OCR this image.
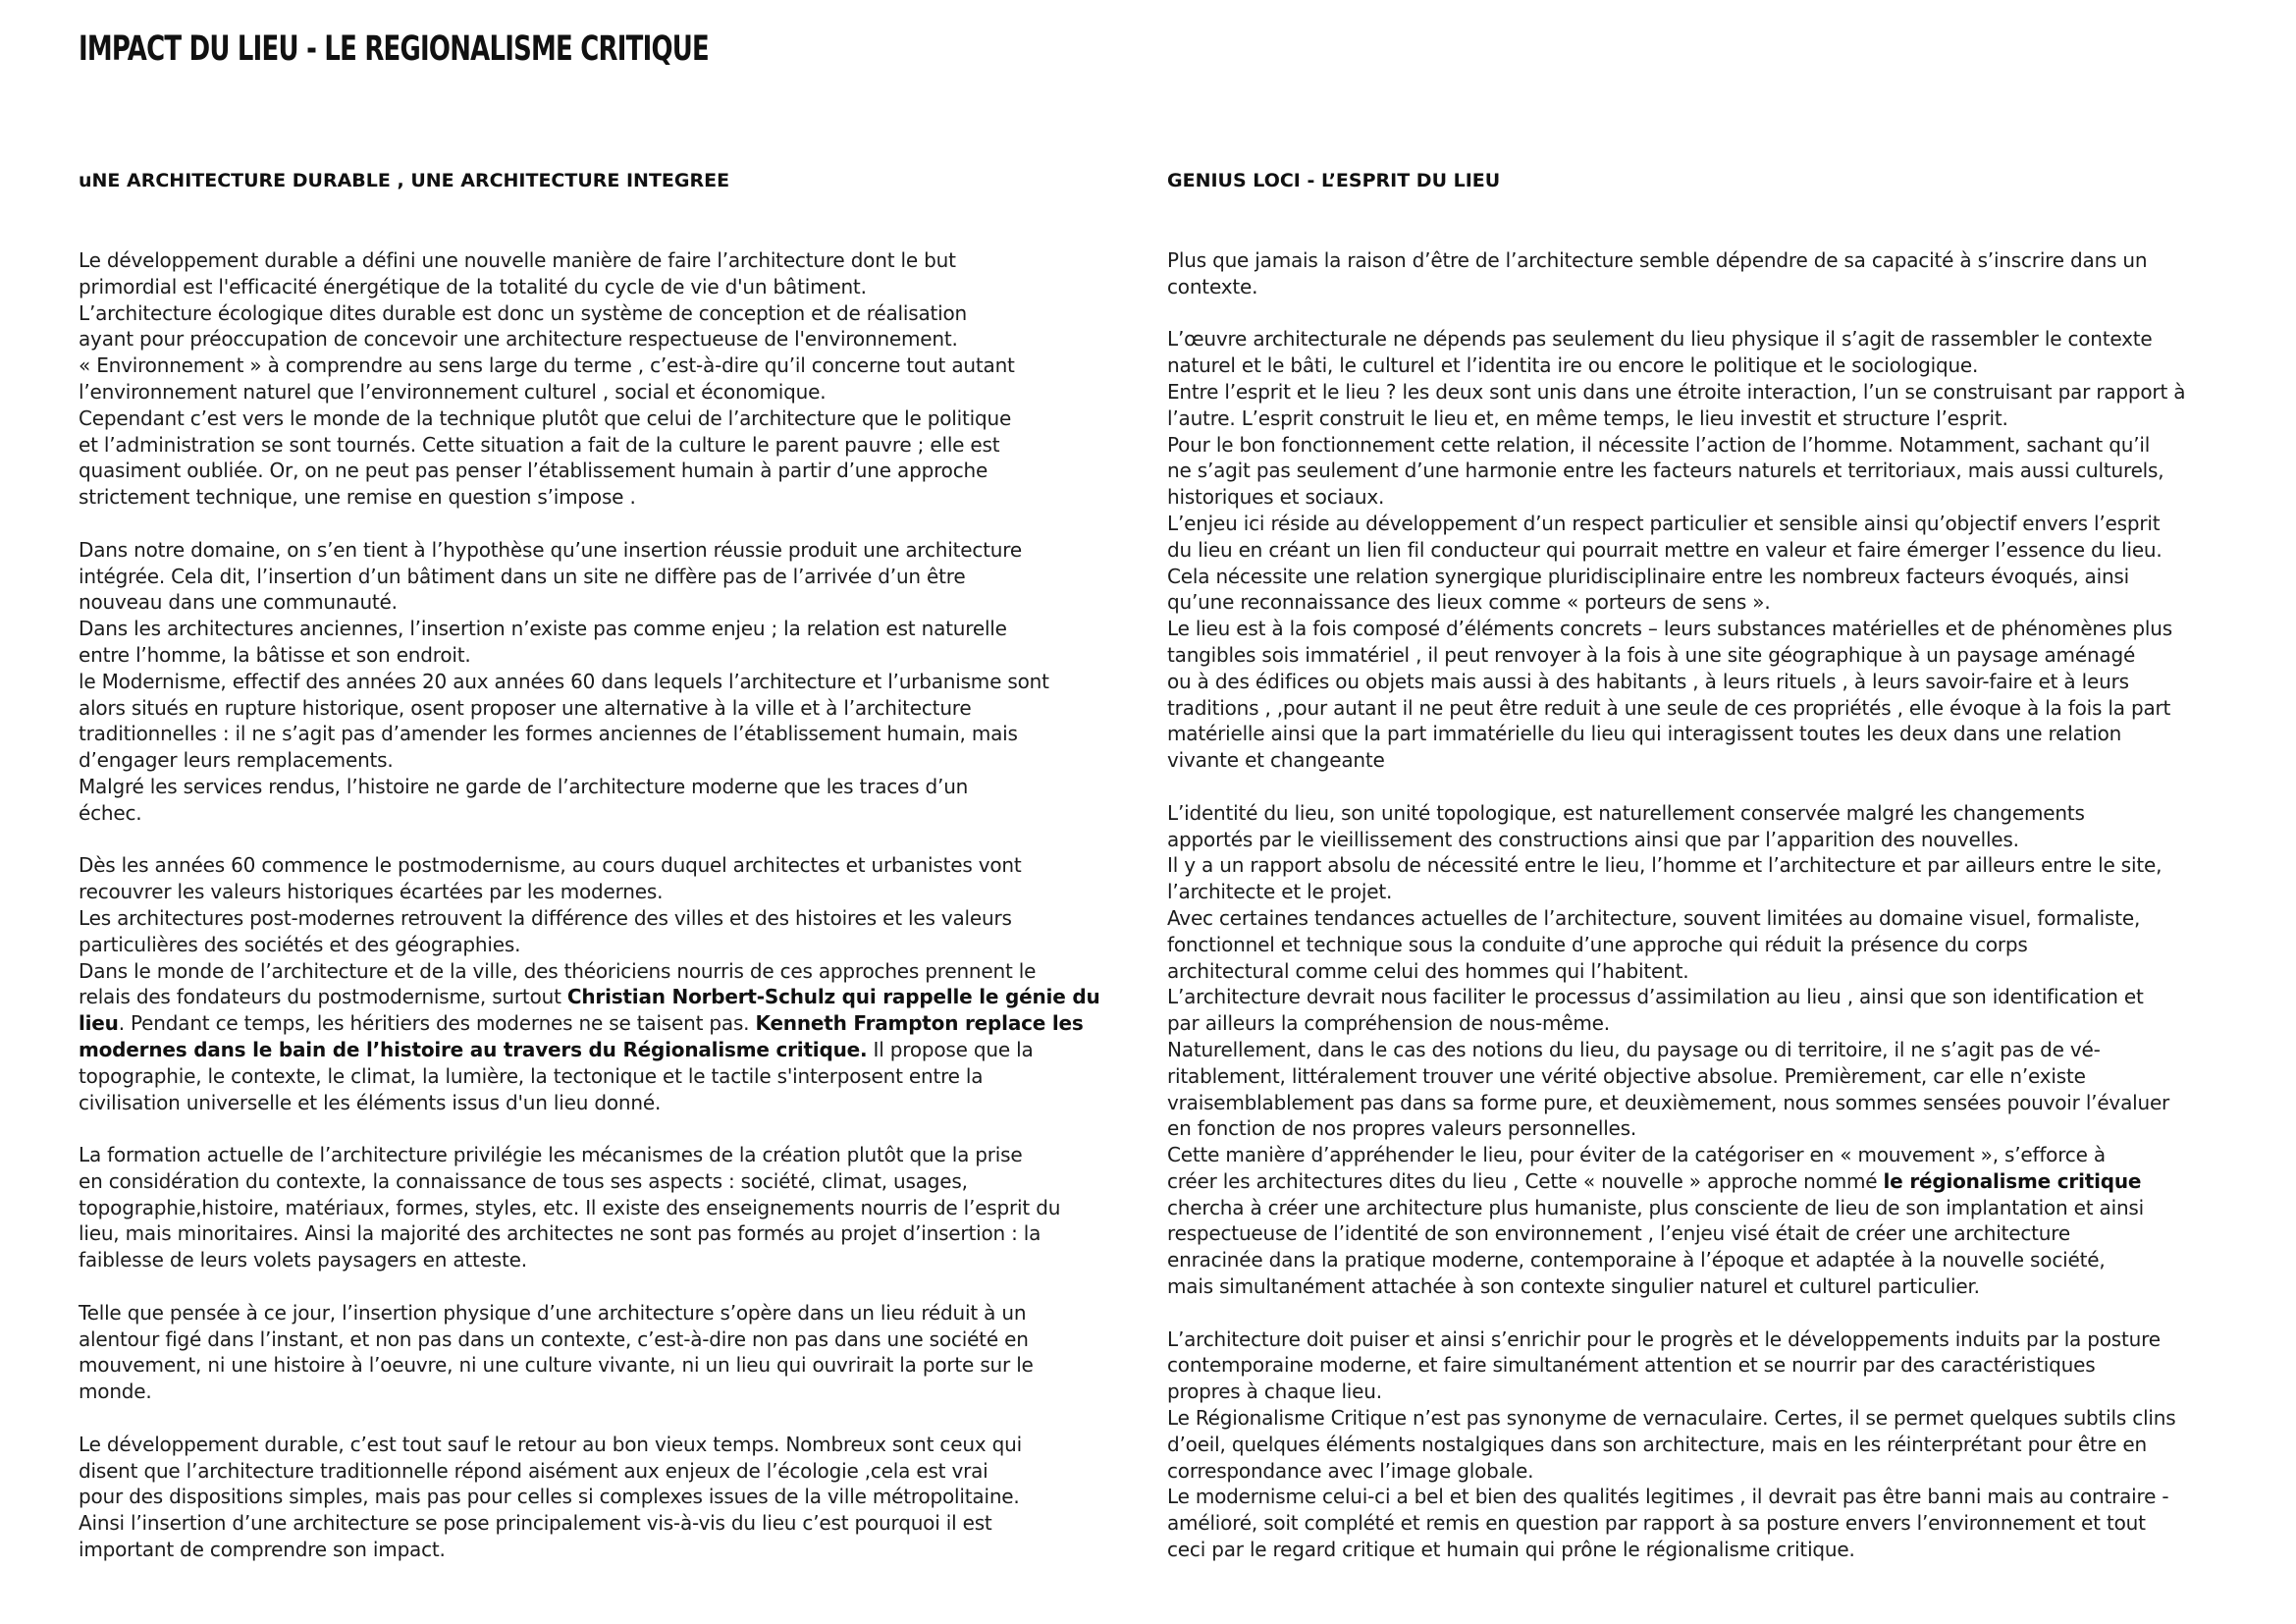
IMPACT DU LIEU - LE REGIONALISME CRITIQUE
uNE ARCHITECTURE DURABLE , UNE ARCHITECTURE INTEGREE
Le développement durable a défini une nouvelle manière de faire l’architecture dont le but
primordial est l'efficacité énergétique de la totalité du cycle de vie d'un bâtiment.
L’architecture écologique dites durable est donc un système de conception et de réalisation
ayant pour préoccupation de concevoir une architecture respectueuse de l'environnement.
« Environnement » à comprendre au sens large du terme , c’est-à-dire qu’il concerne tout autant
l’environnement naturel que l’environnement culturel , social et économique.
Cependant c’est vers le monde de la technique plutôt que celui de l’architecture que le politique
et l’administration se sont tournés. Cette situation a fait de la culture le parent pauvre ; elle est
quasiment oubliée. Or, on ne peut pas penser l’établissement humain à partir d’une approche
strictement technique, une remise en question s’impose .
Dans notre domaine, on s’en tient à l’hypothèse qu’une insertion réussie produit une architecture
intégrée. Cela dit, l’insertion d’un bâtiment dans un site ne diffère pas de l’arrivée d’un être
nouveau dans une communauté.
Dans les architectures anciennes, l’insertion n’existe pas comme enjeu ; la relation est naturelle
entre l’homme, la bâtisse et son endroit.
le Modernisme, effectif des années 20 aux années 60 dans lequels l’architecture et l’urbanisme sont
alors situés en rupture historique, osent proposer une alternative à la ville et à l’architecture
traditionnelles : il ne s’agit pas d’amender les formes anciennes de l’établissement humain, mais
d’engager leurs remplacements.
Malgré les services rendus, l’histoire ne garde de l’architecture moderne que les traces d’un
échec.
Dès les années 60 commence le postmodernisme, au cours duquel architectes et urbanistes vont
recouvrer les valeurs historiques écartées par les modernes.
Les architectures post-modernes retrouvent la différence des villes et des histoires et les valeurs
particulières des sociétés et des géographies.
Dans le monde de l’architecture et de la ville, des théoriciens nourris de ces approches prennent le
relais des fondateurs du postmodernisme, surtout Christian Norbert-Schulz qui rappelle le génie du
lieu. Pendant ce temps, les héritiers des modernes ne se taisent pas. Kenneth Frampton replace les
modernes dans le bain de l’histoire au travers du Régionalisme critique. Il propose que la
topographie, le contexte, le climat, la lumière, la tectonique et le tactile s'interposent entre la
civilisation universelle et les éléments issus d'un lieu donné.
La formation actuelle de l’architecture privilégie les mécanismes de la création plutôt que la prise
en considération du contexte, la connaissance de tous ses aspects : société, climat, usages,
topographie,histoire, matériaux, formes, styles, etc. Il existe des enseignements nourris de l’esprit du
lieu, mais minoritaires. Ainsi la majorité des architectes ne sont pas formés au projet d’insertion : la
faiblesse de leurs volets paysagers en atteste.
Telle que pensée à ce jour, l’insertion physique d’une architecture s’opère dans un lieu réduit à un
alentour figé dans l’instant, et non pas dans un contexte, c’est-à-dire non pas dans une société en
mouvement, ni une histoire à l’oeuvre, ni une culture vivante, ni un lieu qui ouvrirait la porte sur le
monde.
Le développement durable, c’est tout sauf le retour au bon vieux temps. Nombreux sont ceux qui
disent que l’architecture traditionnelle répond aisément aux enjeux de l’écologie ,cela est vrai
pour des dispositions simples, mais pas pour celles si complexes issues de la ville métropolitaine.
Ainsi l’insertion d’une architecture se pose principalement vis-à-vis du lieu c’est pourquoi il est
important de comprendre son impact.
GENIUS LOCI - L’ESPRIT DU LIEU
Plus que jamais la raison d’être de l’architecture semble dépendre de sa capacité à s’inscrire dans un
contexte.
L’œuvre architecturale ne dépends pas seulement du lieu physique il s’agit de rassembler le contexte
naturel et le bâti, le culturel et l’identita ire ou encore le politique et le sociologique.
Entre l’esprit et le lieu ? les deux sont unis dans une étroite interaction, l’un se construisant par rapport à
l’autre. L’esprit construit le lieu et, en même temps, le lieu investit et structure l’esprit.
Pour le bon fonctionnement cette relation, il nécessite l’action de l’homme. Notamment, sachant qu’il
ne s’agit pas seulement d’une harmonie entre les facteurs naturels et territoriaux, mais aussi culturels,
historiques et sociaux.
L’enjeu ici réside au développement d’un respect particulier et sensible ainsi qu’objectif envers l’esprit
du lieu en créant un lien fil conducteur qui pourrait mettre en valeur et faire émerger l’essence du lieu.
Cela nécessite une relation synergique pluridisciplinaire entre les nombreux facteurs évoqués, ainsi
qu’une reconnaissance des lieux comme « porteurs de sens ».
Le lieu est à la fois composé d’éléments concrets – leurs substances matérielles et de phénomènes plus
tangibles sois immatériel , il peut renvoyer à la fois à une site géographique à un paysage aménagé
ou à des édifices ou objets mais aussi à des habitants , à leurs rituels , à leurs savoir-faire et à leurs
traditions , ,pour autant il ne peut être reduit à une seule de ces propriétés , elle évoque à la fois la part
matérielle ainsi que la part immatérielle du lieu qui interagissent toutes les deux dans une relation
vivante et changeante
L’identité du lieu, son unité topologique, est naturellement conservée malgré les changements
apportés par le vieillissement des constructions ainsi que par l’apparition des nouvelles.
Il y a un rapport absolu de nécessité entre le lieu, l’homme et l’architecture et par ailleurs entre le site,
l’architecte et le projet.
Avec certaines tendances actuelles de l’architecture, souvent limitées au domaine visuel, formaliste,
fonctionnel et technique sous la conduite d’une approche qui réduit la présence du corps
architectural comme celui des hommes qui l’habitent.
L’architecture devrait nous faciliter le processus d’assimilation au lieu , ainsi que son identification et
par ailleurs la compréhension de nous-même.
Naturellement, dans le cas des notions du lieu, du paysage ou di territoire, il ne s’agit pas de vé-
ritablement, littéralement trouver une vérité objective absolue. Premièrement, car elle n’existe
vraisemblablement pas dans sa forme pure, et deuxièmement, nous sommes sensées pouvoir l’évaluer
en fonction de nos propres valeurs personnelles.
Cette manière d’appréhender le lieu, pour éviter de la catégoriser en « mouvement », s’efforce à
créer les architectures dites du lieu , Cette « nouvelle » approche nommé le régionalisme critique
chercha à créer une architecture plus humaniste, plus consciente de lieu de son implantation et ainsi
respectueuse de l’identité de son environnement , l’enjeu visé était de créer une architecture
enracinée dans la pratique moderne, contemporaine à l’époque et adaptée à la nouvelle société,
mais simultanément attachée à son contexte singulier naturel et culturel particulier.
L’architecture doit puiser et ainsi s’enrichir pour le progrès et le développements induits par la posture
contemporaine moderne, et faire simultanément attention et se nourrir par des caractéristiques
propres à chaque lieu.
Le Régionalisme Critique n’est pas synonyme de vernaculaire. Certes, il se permet quelques subtils clins
d’oeil, quelques éléments nostalgiques dans son architecture, mais en les réinterprétant pour être en
correspondance avec l’image globale.
Le modernisme celui-ci a bel et bien des qualités legitimes , il devrait pas être banni mais au contraire -
amélioré, soit complété et remis en question par rapport à sa posture envers l’environnement et tout
ceci par le regard critique et humain qui prône le régionalisme critique.
